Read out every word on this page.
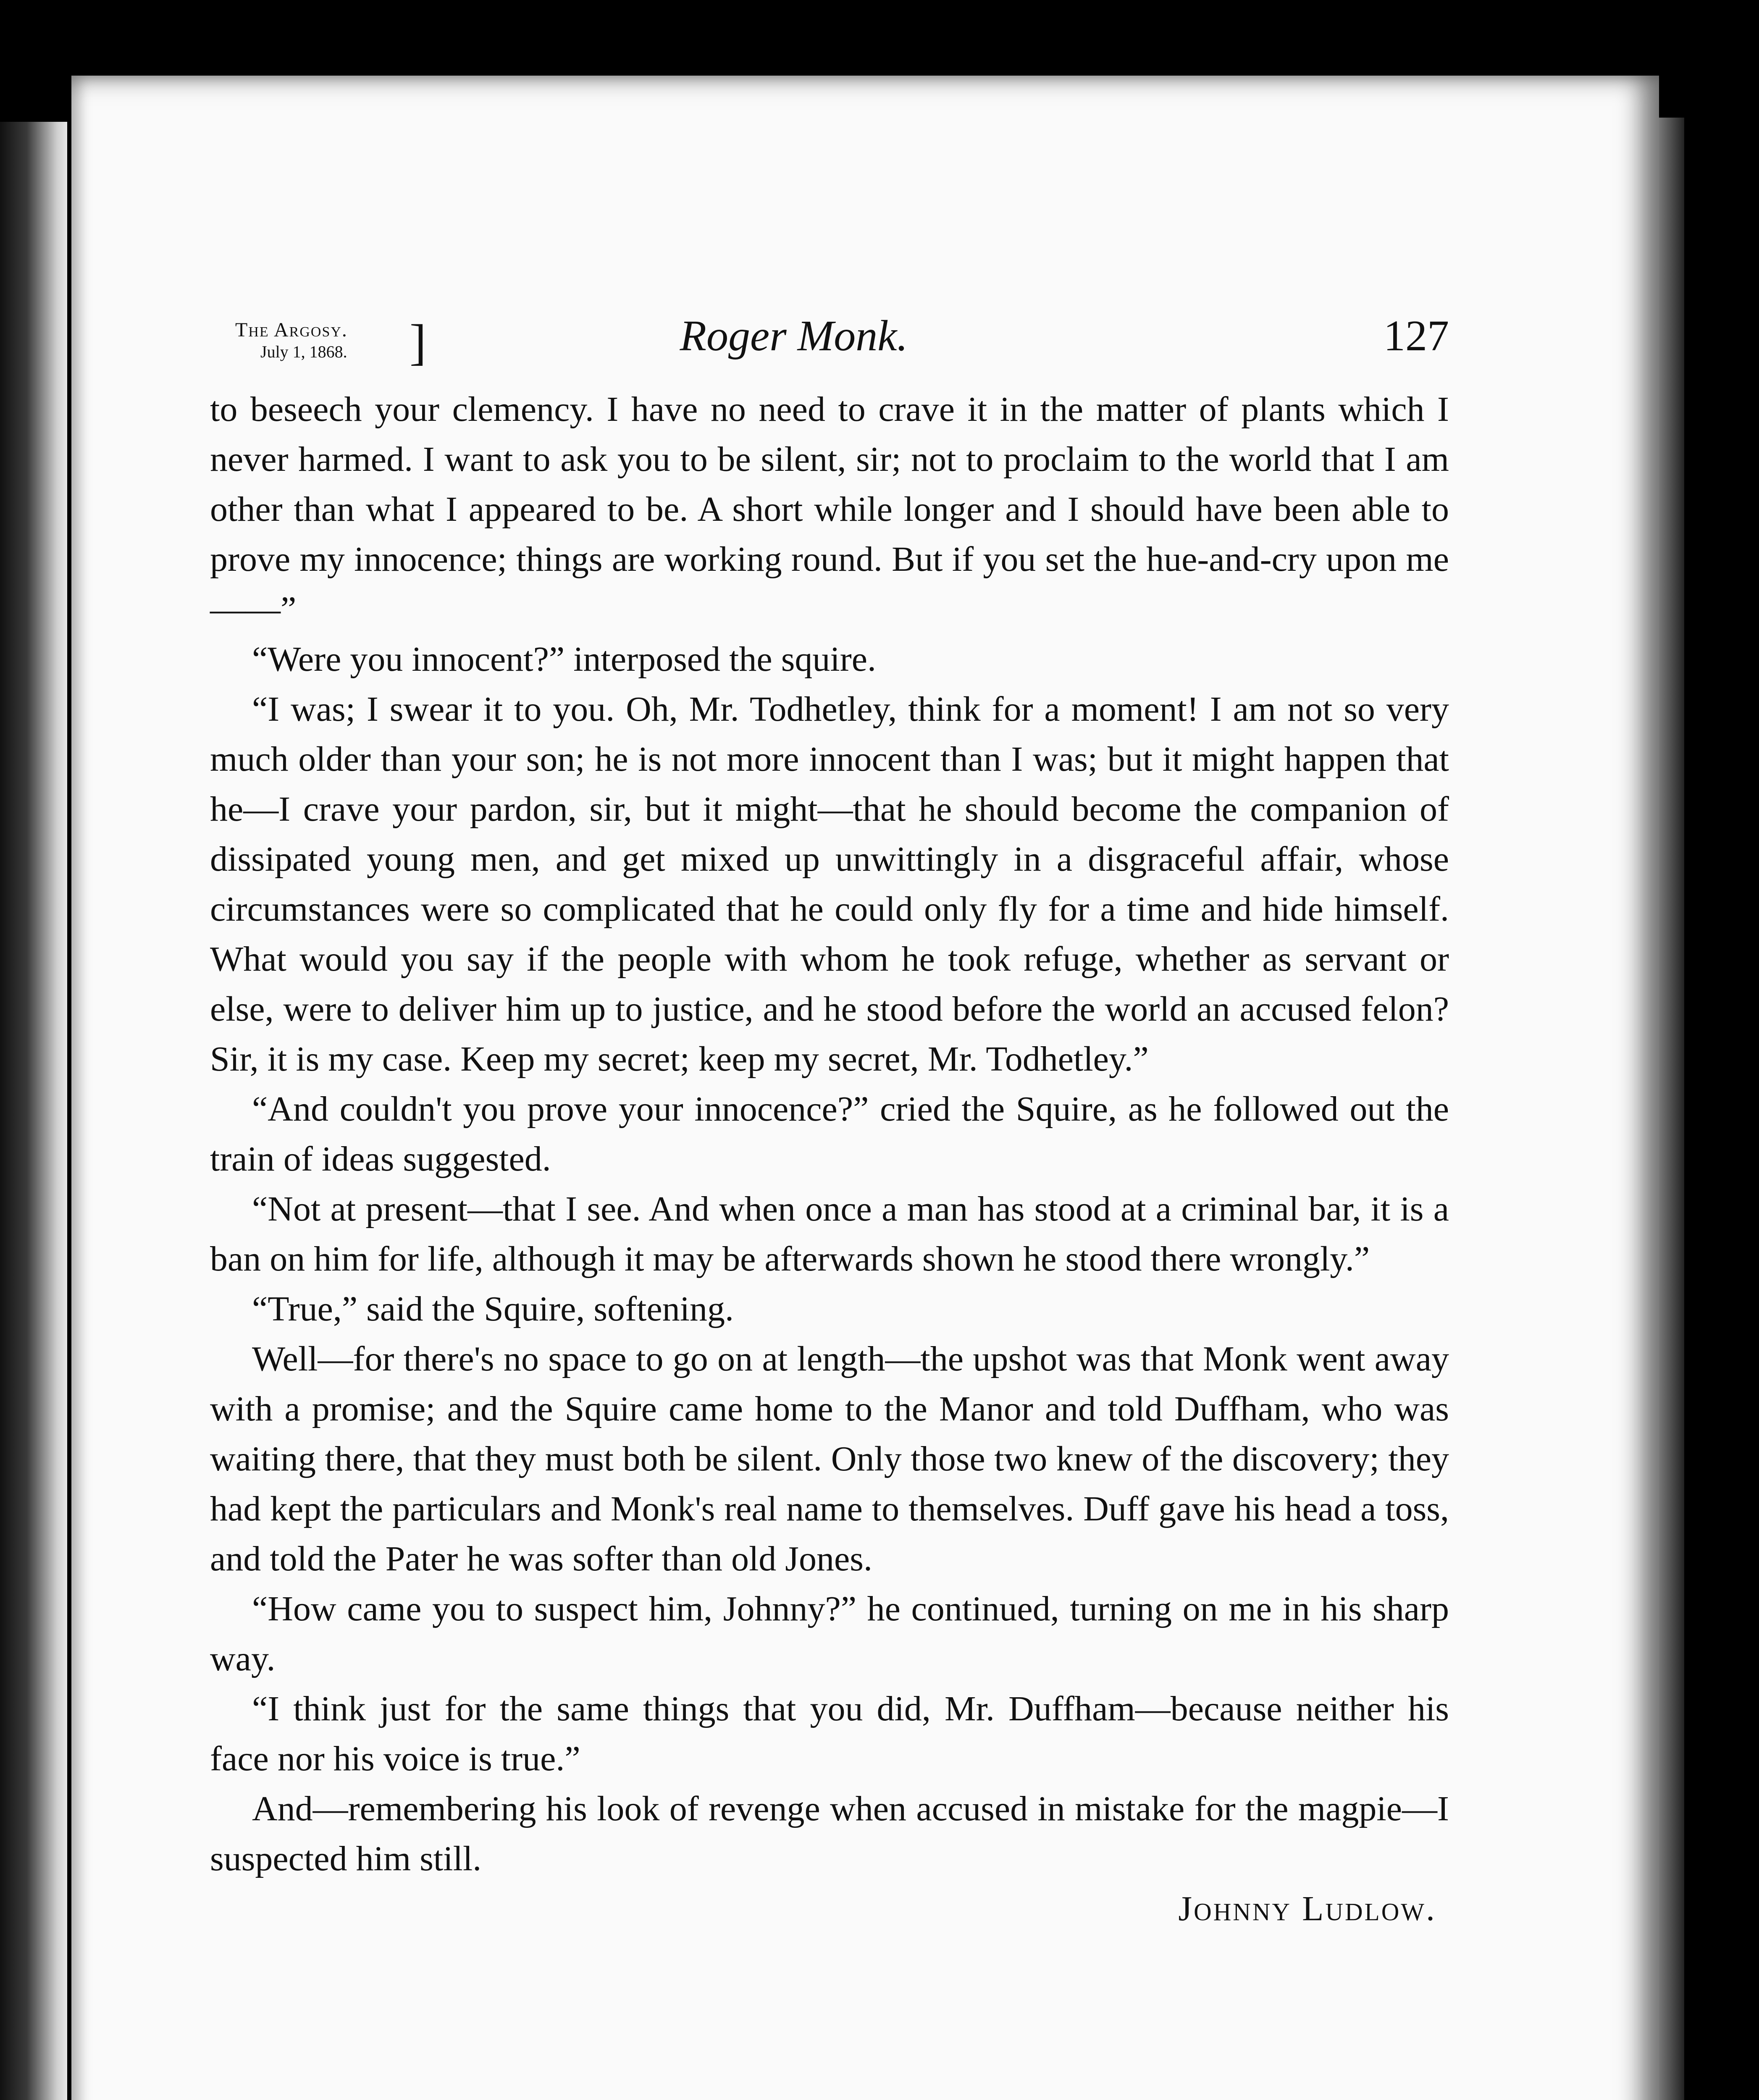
The Argosy.
July 1, 1868. ]	Roger Monk.	127

to beseech your clemency. I have no need to crave it in the matter of plants which I never harmed. I want to ask you to be silent, sir; not to proclaim to the world that I am other than what I appeared to be. A short while longer and I should have been able to prove my innocence; things are working round. But if you set the hue-and-cry upon me——”

“Were you innocent?” interposed the squire.

“I was; I swear it to you. Oh, Mr. Todhetley, think for a moment! I am not so very much older than your son; he is not more innocent than I was; but it might happen that he—I crave your pardon, sir, but it might—that he should become the companion of dissipated young men, and get mixed up unwittingly in a disgraceful affair, whose circumstances were so complicated that he could only fly for a time and hide himself. What would you say if the people with whom he took refuge, whether as servant or else, were to deliver him up to justice, and he stood before the world an accused felon? Sir, it is my case. Keep my secret; keep my secret, Mr. Todhetley.”

“And couldn't you prove your innocence?” cried the Squire, as he followed out the train of ideas suggested.

“Not at present—that I see. And when once a man has stood at a criminal bar, it is a ban on him for life, although it may be afterwards shown he stood there wrongly.”

“True,” said the Squire, softening.

Well—for there's no space to go on at length—the upshot was that Monk went away with a promise; and the Squire came home to the Manor and told Duffham, who was waiting there, that they must both be silent. Only those two knew of the discovery; they had kept the particulars and Monk's real name to themselves. Duff gave his head a toss, and told the Pater he was softer than old Jones.

“How came you to suspect him, Johnny?” he continued, turning on me in his sharp way.

“I think just for the same things that you did, Mr. Duffham—because neither his face nor his voice is true.”

And—remembering his look of revenge when accused in mistake for the magpie—I suspected him still.

Johnny Ludlow.
